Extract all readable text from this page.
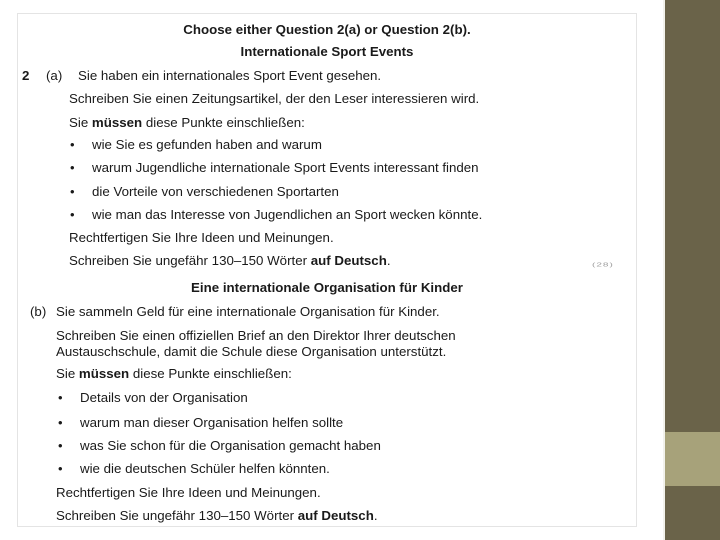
Choose either Question 2(a) or Question 2(b).
Internationale Sport Events
2 (a) Sie haben ein internationales Sport Event gesehen.
Schreiben Sie einen Zeitungsartikel, der den Leser interessieren wird.
Sie müssen diese Punkte einschließen:
• wie Sie es gefunden haben and warum
• warum Jugendliche internationale Sport Events interessant finden
• die Vorteile von verschiedenen Sportarten
• wie man das Interesse von Jugendlichen an Sport wecken könnte.
Rechtfertigen Sie Ihre Ideen und Meinungen.
Schreiben Sie ungefähr 130–150 Wörter auf Deutsch.	(28)
Eine internationale Organisation für Kinder
(b) Sie sammeln Geld für eine internationale Organisation für Kinder.
Schreiben Sie einen offiziellen Brief an den Direktor Ihrer deutschen
Austauschschule, damit die Schule diese Organisation unterstützt.
Sie müssen diese Punkte einschließen:
• Details von der Organisation
• warum man dieser Organisation helfen sollte
• was Sie schon für die Organisation gemacht haben
• wie die deutschen Schüler helfen könnten.
Rechtfertigen Sie Ihre Ideen und Meinungen.
Schreiben Sie ungefähr 130–150 Wörter auf Deutsch.
